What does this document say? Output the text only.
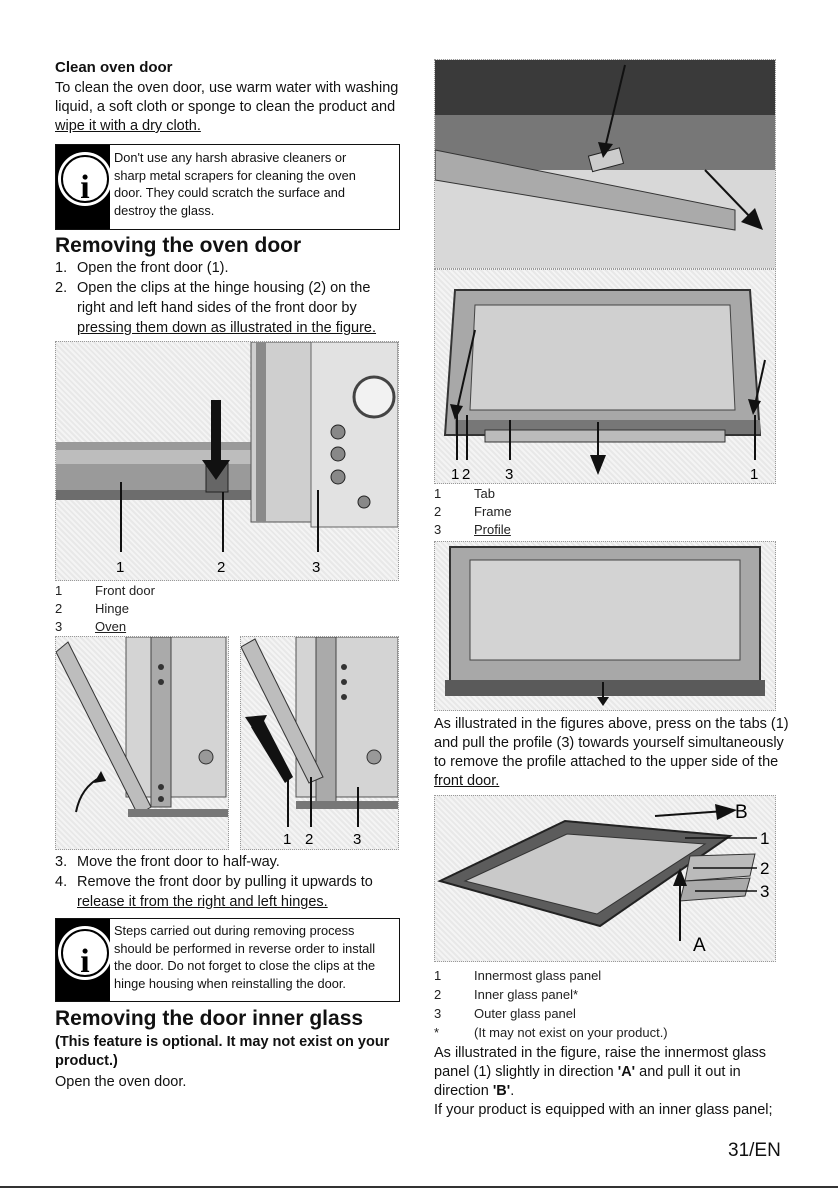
Clean oven door
To clean the oven door, use warm water with washing
liquid, a soft cloth or sponge to clean the product and
wipe it with a dry cloth.
i
Don't use any harsh abrasive cleaners or
sharp metal scrapers for cleaning the oven
door. They could scratch the surface and
destroy the glass.
Removing the oven door
1. Open the front door (1).
2. Open the clips at the hinge housing (2) on the
right and left hand sides of the front door by
pressing them down as illustrated in the figure.
1	2	3
1	Front door
2	Hinge
3	Oven
1 2	3
3. Move the front door to half-way.
4. Remove the front door by pulling it upwards to
release it from the right and left hinges.
i
Steps carried out during removing process
should be performed in reverse order to install
the door. Do not forget to close the clips at the
hinge housing when reinstalling the door.
Removing the door inner glass
(This feature is optional. It may not exist on your
product.)
Open the oven door.
1 2 3	1
1	Tab
2	Frame
3	Profile
As illustrated in the figures above, press on the tabs (1)
and pull the profile (3) towards yourself simultaneously
to remove the profile attached to the upper side of the
front door.
B
1
2
3
A
1	Innermost glass panel
2	Inner glass panel*
3	Outer glass panel
*	(It may not exist on your product.)
As illustrated in the figure, raise the innermost glass
panel (1) slightly in direction 'A' and pull it out in
direction 'B'.
If your product is equipped with an inner glass panel;
31/EN
